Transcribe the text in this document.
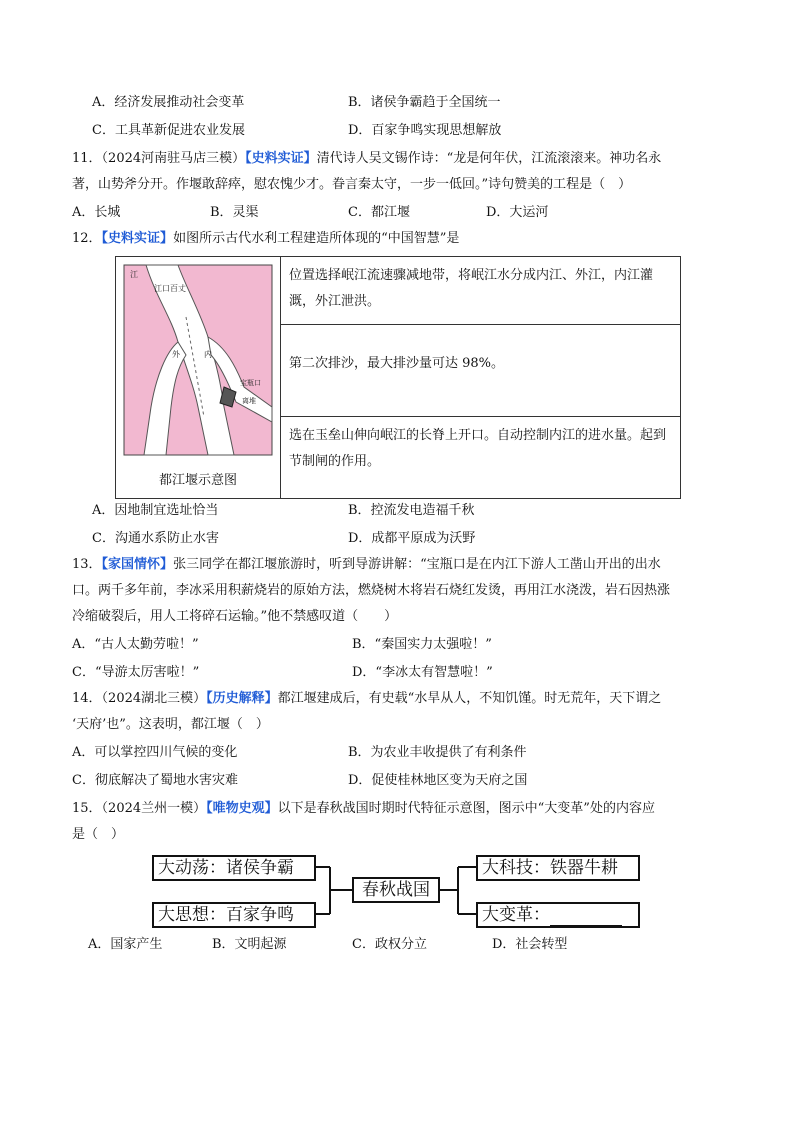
A．经济发展推动社会变革	B．诸侯争霸趋于全国统一
C．工具革新促进农业发展	D．百家争鸣实现思想解放
11．（2024河南驻马店三模）【史料实证】清代诗人吴文锡作诗：“龙是何年伏，江流滚滚来。神功名永
著，山势斧分开。作堰敢辞瘁，慰农愧少才。眷言秦太守，一步一低回。”诗句赞美的工程是（　）
A．长城	B．灵渠	C．都江堰	D．大运河
12．【史料实证】如图所示古代水利工程建造所体现的“中国智慧”是
江
江口百丈
外	内
宝瓶口
离堆
都江堰示意图
位置选择岷江流速骤减地带，将岷江水分成内江、外江，内江灌溉，外江泄洪。
第二次排沙，最大排沙量可达 98%。
选在玉垒山伸向岷江的长脊上开口。自动控制内江的进水量。起到节制闸的作用。
A．因地制宜选址恰当	B．控流发电造福千秋
C．沟通水系防止水害	D．成都平原成为沃野
13．【家国情怀】张三同学在都江堰旅游时，听到导游讲解：“宝瓶口是在内江下游人工凿山开出的出水
口。两千多年前，李冰采用积薪烧岩的原始方法，燃烧树木将岩石烧红发烫，再用江水浇泼，岩石因热涨
冷缩破裂后，用人工将碎石运输。”他不禁感叹道（　　）
A．“古人太勤劳啦！”	B．“秦国实力太强啦！”
C．“导游太厉害啦！”	D．“李冰太有智慧啦！”
14．（2024湖北三模）【历史解释】都江堰建成后，有史载“水旱从人，不知饥馑。时无荒年，天下谓之
‘天府’也”。这表明，都江堰（　）
A．可以掌控四川气候的变化	B．为农业丰收提供了有利条件
C．彻底解决了蜀地水害灾难	D．促使桂林地区变为天府之国
15．（2024兰州一模）【唯物史观】以下是春秋战国时期时代特征示意图，图示中“大变革”处的内容应
是（　）
大动荡：诸侯争霸
大思想：百家争鸣
春秋战国
大科技：铁器牛耕
大变革：
A．国家产生	B．文明起源	C．政权分立	D．社会转型
